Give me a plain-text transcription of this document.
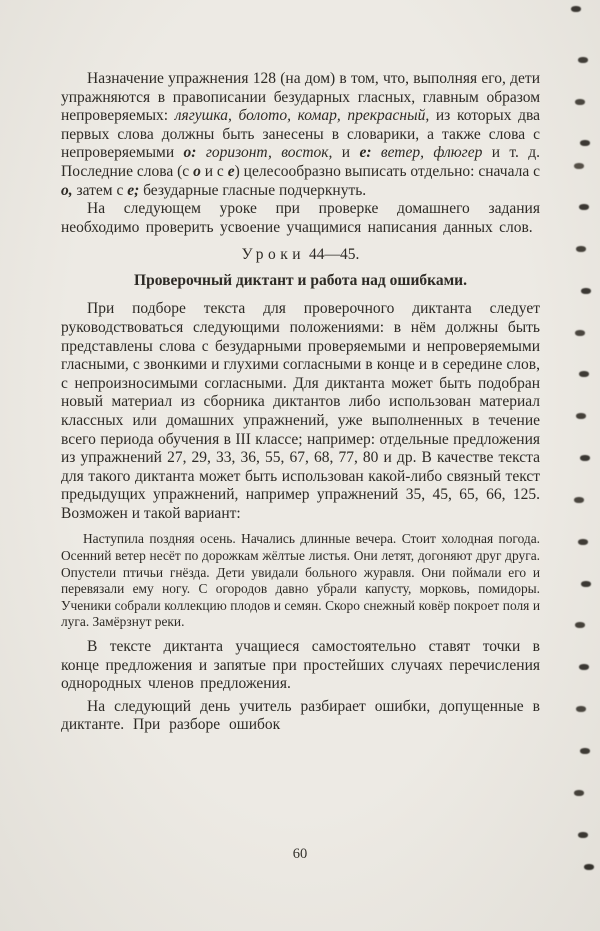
Назначение упражнения 128 (на дом) в том, что, выполняя его, дети упражняются в правописании безударных гласных, главным образом непроверяемых: лягушка, болото, комар, прекрасный, из которых два первых слова должны быть занесены в словарики, а также слова с непроверяемыми о: горизонт, восток, и е: ветер, флюгер и т. д. Последние слова (с о и с е) целесообразно выписать отдельно: сначала с о, затем с е; безударные гласные подчеркнуть.

На следующем уроке при проверке домашнего задания необходимо проверить усвоение учащимися написания данных слов.

Уроки 44—45.

Проверочный диктант и работа над ошибками.

При подборе текста для проверочного диктанта следует руководствоваться следующими положениями: в нём должны быть представлены слова с безударными проверяемыми и непроверяемыми гласными, с звонкими и глухими согласными в конце и в середине слов, с непроизносимыми согласными. Для диктанта может быть подобран новый материал из сборника диктантов либо использован материал классных или домашних упражнений, уже выполненных в течение всего периода обучения в III классе; например: отдельные предложения из упражнений 27, 29, 33, 36, 55, 67, 68, 77, 80 и др. В качестве текста для такого диктанта может быть использован какой-либо связный текст предыдущих упражнений, например упражнений 35, 45, 65, 66, 125. Возможен и такой вариант:

Наступила поздняя осень. Начались длинные вечера. Стоит холодная погода. Осенний ветер несёт по дорожкам жёлтые листья. Они летят, догоняют друг друга. Опустели птичьи гнёзда. Дети увидали больного журавля. Они поймали его и перевязали ему ногу. С огородов давно убрали капусту, морковь, помидоры. Ученики собрали коллекцию плодов и семян. Скоро снежный ковёр покроет поля и луга. Замёрзнут реки.

В тексте диктанта учащиеся самостоятельно ставят точки в конце предложения и запятые при простейших случаях перечисления однородных членов предложения.

На следующий день учитель разбирает ошибки, допущенные в диктанте. При разборе ошибок

60
